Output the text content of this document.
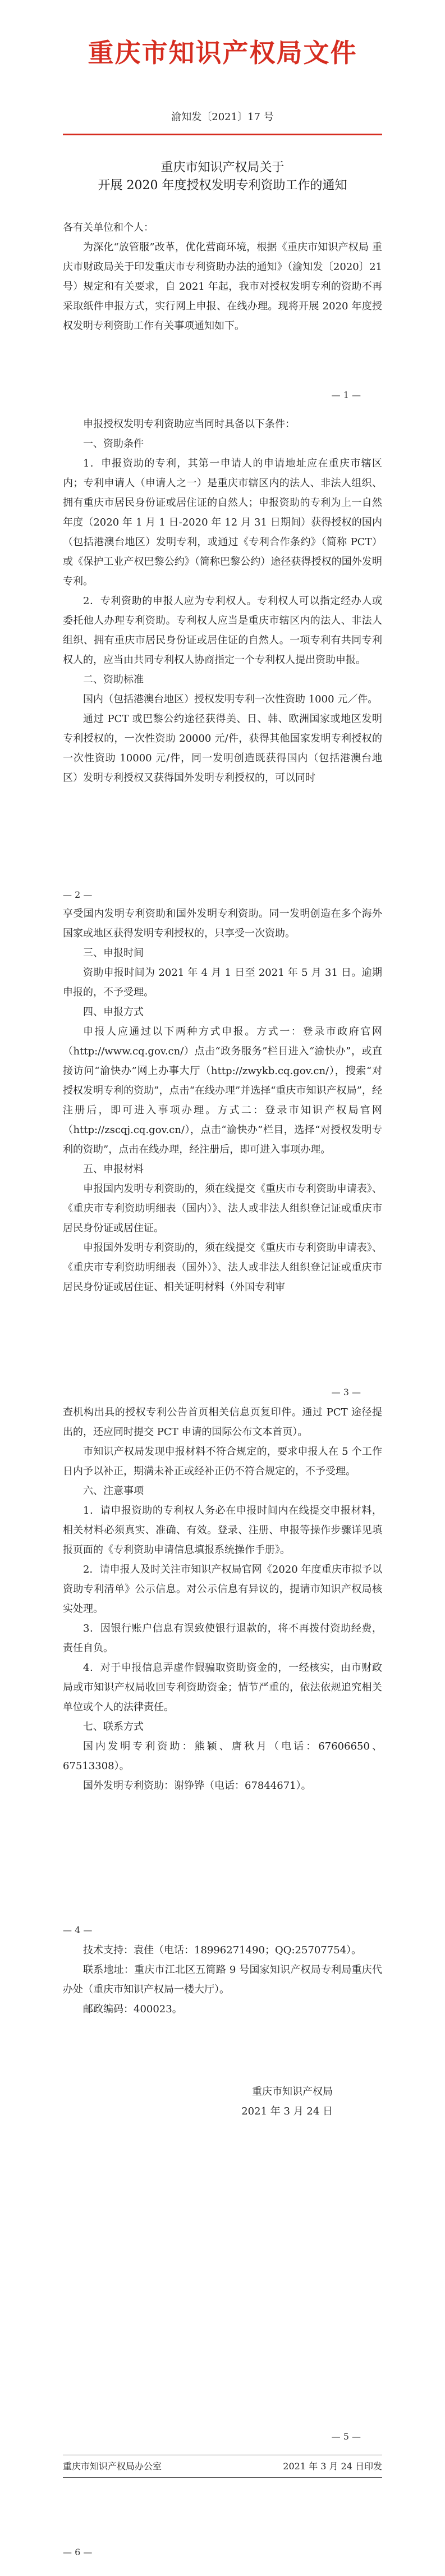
重庆市知识产权局文件
渝知发〔2021〕17 号
重庆市知识产权局关于
开展 2020 年度授权发明专利资助工作的通知

各有关单位和个人：

为深化“放管服”改革，优化营商环境，根据《重庆市知识产权局 重庆市财政局关于印发重庆市专利资助办法的通知》（渝知发〔2020〕21 号）规定和有关要求，自 2021 年起，我市对授权发明专利的资助不再采取纸件申报方式，实行网上申报、在线办理。现将开展 2020 年度授权发明专利资助工作有关事项通知如下。

— 1 —

申报授权发明专利资助应当同时具备以下条件：

一、资助条件

1．申报资助的专利，其第一申请人的申请地址应在重庆市辖区内；专利申请人（申请人之一）是重庆市辖区内的法人、非法人组织、拥有重庆市居民身份证或居住证的自然人；申报资助的专利为上一自然年度（2020 年 1 月 1 日-2020 年 12 月 31 日期间）获得授权的国内（包括港澳台地区）发明专利，或通过《专利合作条约》（简称 PCT）或《保护工业产权巴黎公约》（简称巴黎公约）途径获得授权的国外发明专利。

2．专利资助的申报人应为专利权人。专利权人可以指定经办人或委托他人办理专利资助。专利权人应当是重庆市辖区内的法人、非法人组织、拥有重庆市居民身份证或居住证的自然人。一项专利有共同专利权人的，应当由共同专利权人协商指定一个专利权人提出资助申报。

二、资助标准

国内（包括港澳台地区）授权发明专利一次性资助 1000 元／件。

通过 PCT 或巴黎公约途径获得美、日、韩、欧洲国家或地区发明专利授权的，一次性资助 20000 元/件，获得其他国家发明专利授权的一次性资助 10000 元/件，同一发明创造既获得国内（包括港澳台地区）发明专利授权又获得国外发明专利授权的，可以同时

— 2 —

享受国内发明专利资助和国外发明专利资助。同一发明创造在多个海外国家或地区获得发明专利授权的，只享受一次资助。

三、申报时间

资助申报时间为 2021 年 4 月 1 日至 2021 年 5 月 31 日。逾期申报的，不予受理。

四、申报方式

申报人应通过以下两种方式申报。方式一：登录市政府官网（http://www.cq.gov.cn/）点击“政务服务”栏目进入“渝快办”，或直接访问“渝快办”网上办事大厅（http://zwykb.cq.gov.cn/），搜索“对授权发明专利的资助”，点击“在线办理”并选择“重庆市知识产权局”，经注册后，即可进入事项办理。方式二：登录市知识产权局官网（http://zscqj.cq.gov.cn/），点击“渝快办”栏目，选择“对授权发明专利的资助”，点击在线办理，经注册后，即可进入事项办理。

五、申报材料

申报国内发明专利资助的，须在线提交《重庆市专利资助申请表》、《重庆市专利资助明细表（国内）》、法人或非法人组织登记证或重庆市居民身份证或居住证。

申报国外发明专利资助的，须在线提交《重庆市专利资助申请表》、《重庆市专利资助明细表（国外）》、法人或非法人组织登记证或重庆市居民身份证或居住证、相关证明材料（外国专利审

— 3 —

查机构出具的授权专利公告首页相关信息页复印件。通过 PCT 途径提出的，还应同时提交 PCT 申请的国际公布文本首页）。

市知识产权局发现申报材料不符合规定的，要求申报人在 5 个工作日内予以补正，期满未补正或经补正仍不符合规定的，不予受理。

六、注意事项

1．请申报资助的专利权人务必在申报时间内在线提交申报材料，相关材料必须真实、准确、有效。登录、注册、申报等操作步骤详见填报页面的《专利资助申请信息填报系统操作手册》。

2．请申报人及时关注市知识产权局官网《2020 年度重庆市拟予以资助专利清单》公示信息。对公示信息有异议的，提请市知识产权局核实处理。

3．因银行账户信息有误致使银行退款的，将不再拨付资助经费，责任自负。

4．对于申报信息弄虚作假骗取资助资金的，一经核实，由市财政局或市知识产权局收回专利资助资金；情节严重的，依法依规追究相关单位或个人的法律责任。

七、联系方式

国内发明专利资助：熊颖、唐秋月（电话：67606650、67513308）。

国外发明专利资助：谢铮铧（电话：67844671）。

— 4 —

技术支持：袁佳（电话：18996271490；QQ:25707754）。

联系地址：重庆市江北区五简路 9 号国家知识产权局专利局重庆代办处（重庆市知识产权局一楼大厅）。

邮政编码：400023。

重庆市知识产权局
2021 年 3 月 24 日
— 5 —
重庆市知识产权局办公室	2021 年 3 月 24 日印发
— 6 —
